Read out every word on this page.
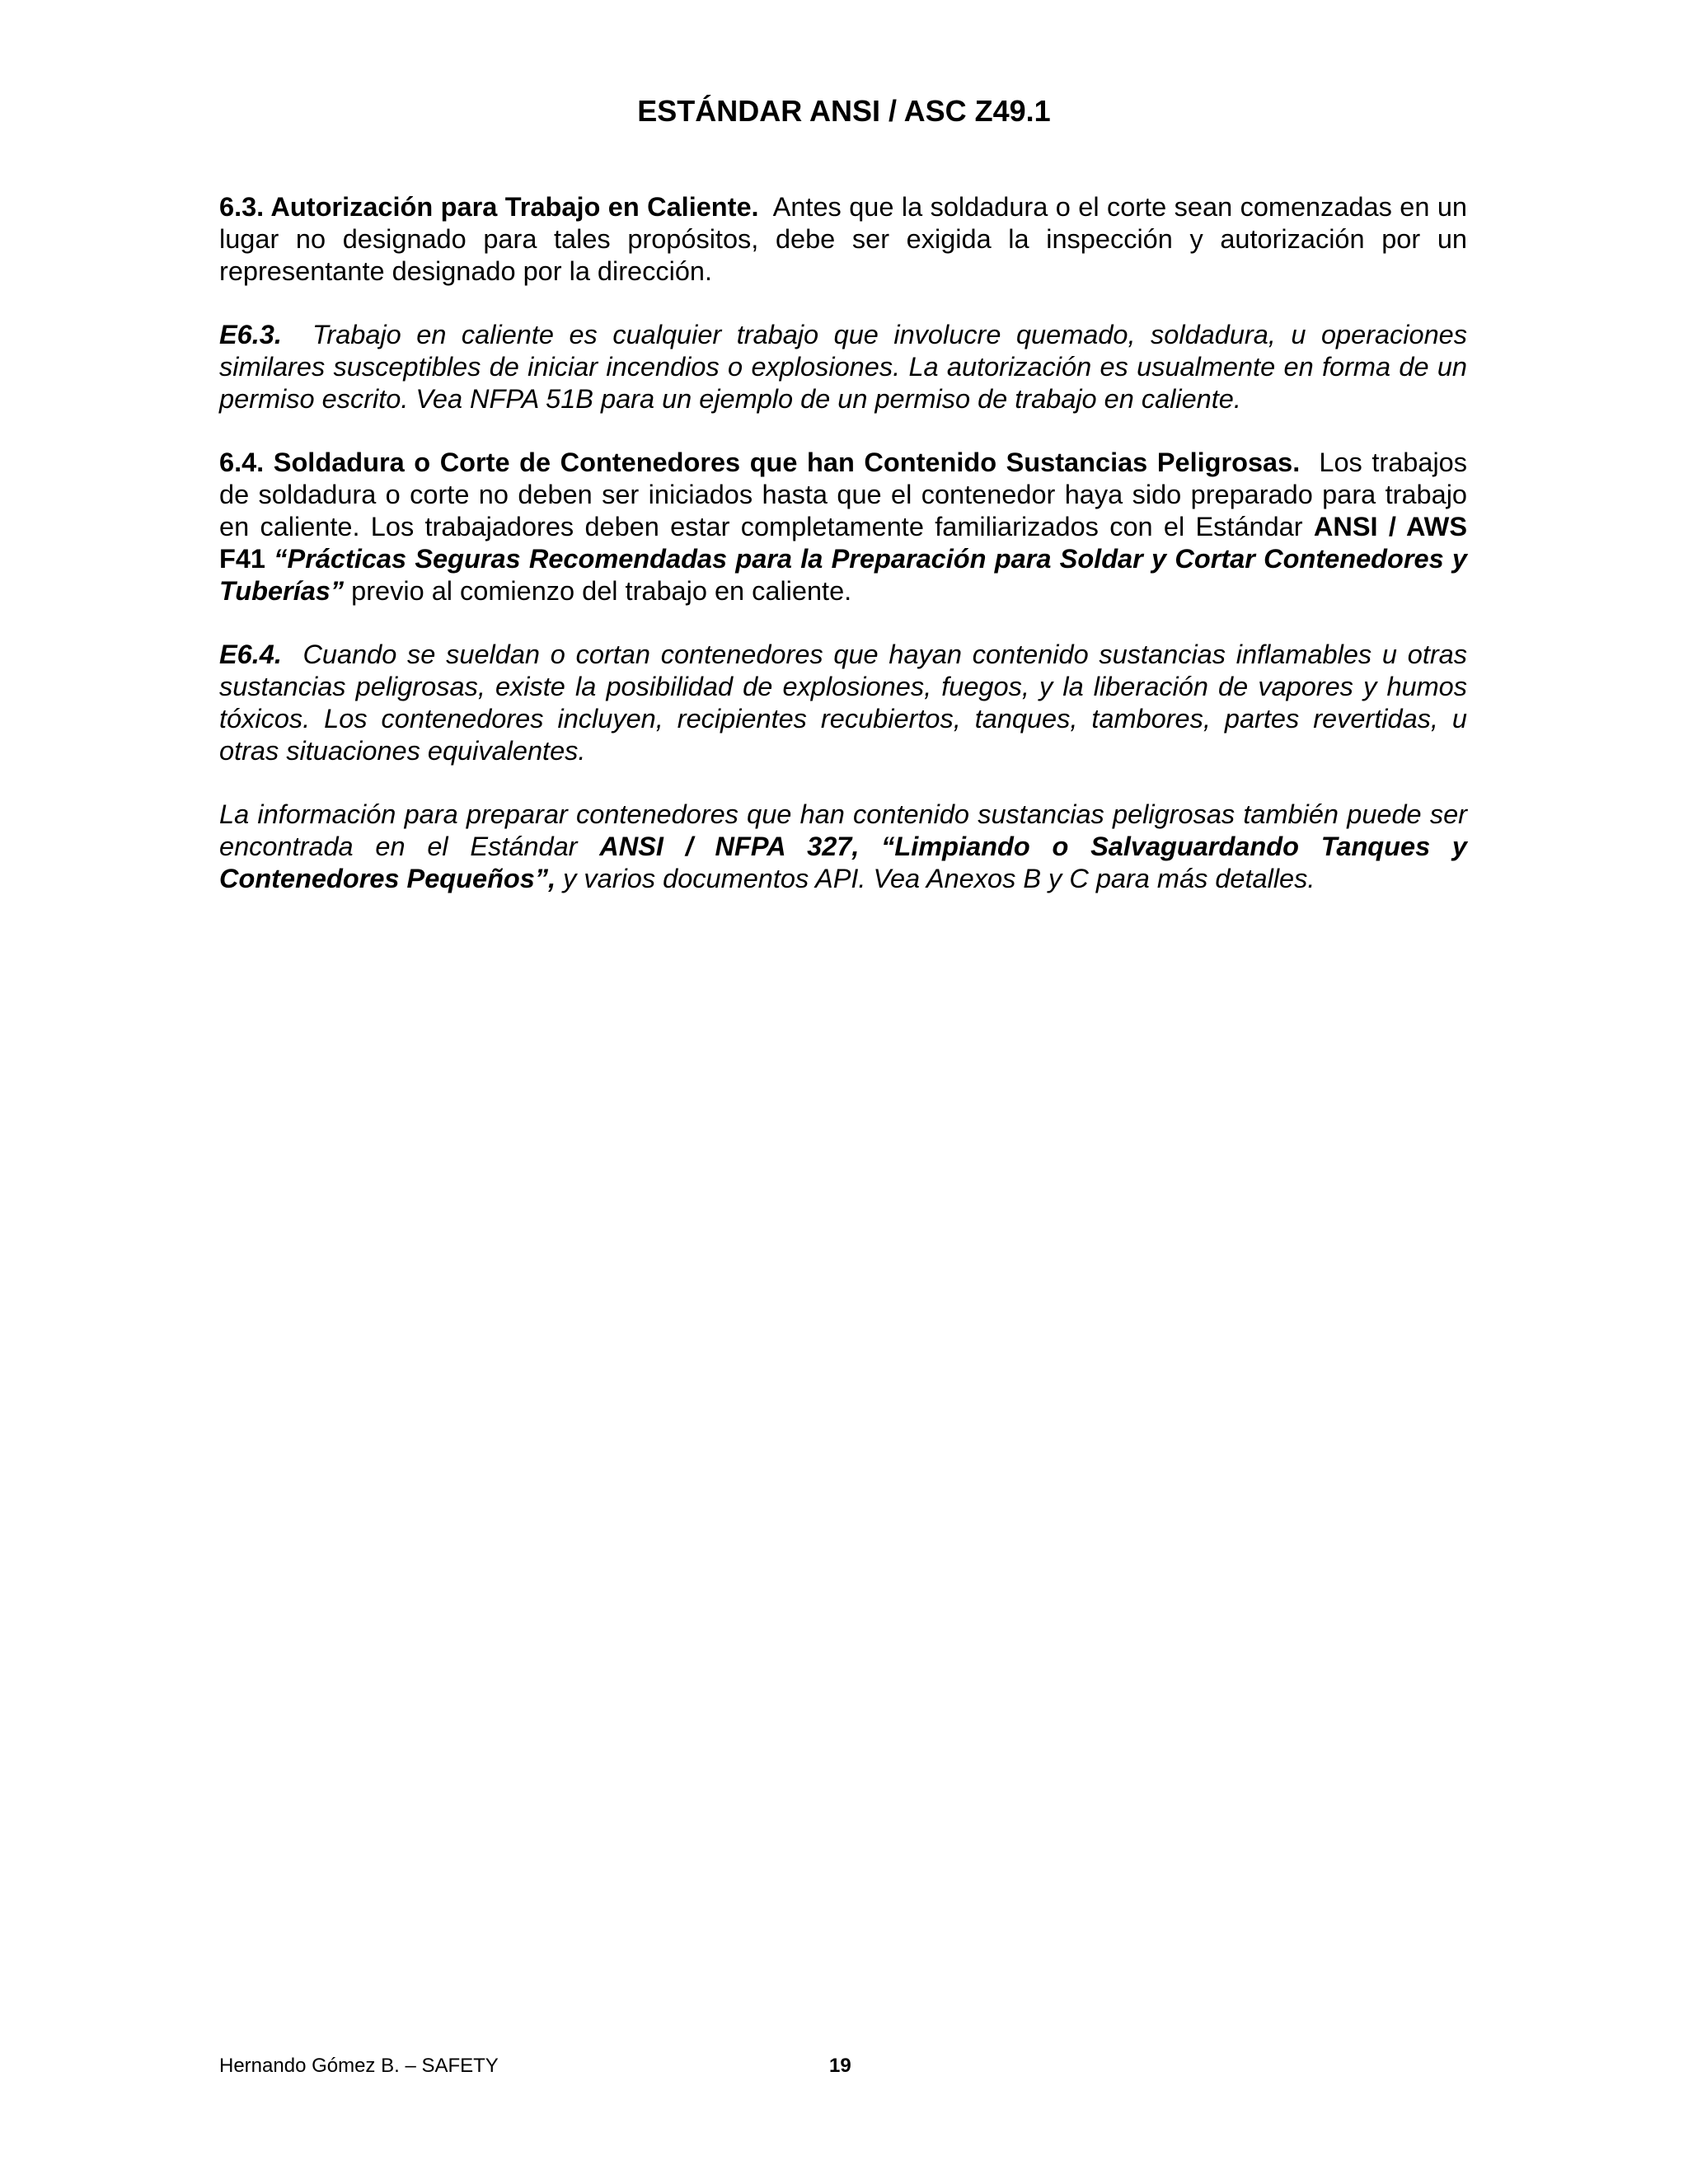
ESTÁNDAR ANSI / ASC Z49.1

6.3. Autorización para Trabajo en Caliente. Antes que la soldadura o el corte sean comenzadas en un lugar no designado para tales propósitos, debe ser exigida la inspección y autorización por un representante designado por la dirección.

E6.3. Trabajo en caliente es cualquier trabajo que involucre quemado, soldadura, u operaciones similares susceptibles de iniciar incendios o explosiones. La autorización es usualmente en forma de un permiso escrito. Vea NFPA 51B para un ejemplo de un permiso de trabajo en caliente.

6.4. Soldadura o Corte de Contenedores que han Contenido Sustancias Peligrosas. Los trabajos de soldadura o corte no deben ser iniciados hasta que el contenedor haya sido preparado para trabajo en caliente. Los trabajadores deben estar completamente familiarizados con el Estándar ANSI / AWS F41 “Prácticas Seguras Recomendadas para la Preparación para Soldar y Cortar Contenedores y Tuberías” previo al comienzo del trabajo en caliente.

E6.4. Cuando se sueldan o cortan contenedores que hayan contenido sustancias inflamables u otras sustancias peligrosas, existe la posibilidad de explosiones, fuegos, y la liberación de vapores y humos tóxicos. Los contenedores incluyen, recipientes recubiertos, tanques, tambores, partes revertidas, u otras situaciones equivalentes.

La información para preparar contenedores que han contenido sustancias peligrosas también puede ser encontrada en el Estándar ANSI / NFPA 327, “Limpiando o Salvaguardando Tanques y Contenedores Pequeños”, y varios documentos API. Vea Anexos B y C para más detalles.

Hernando Gómez B. – SAFETY	19
